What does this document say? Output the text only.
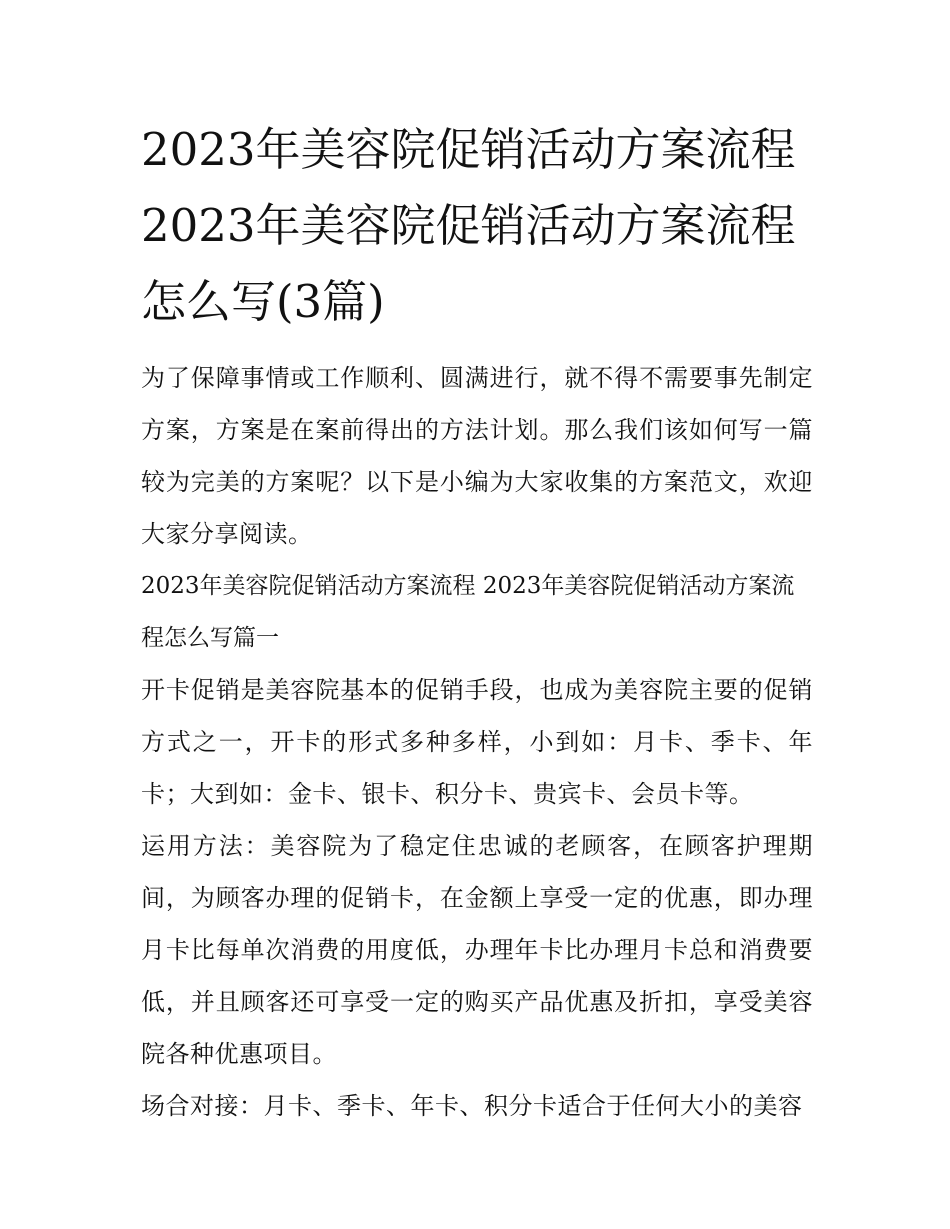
2023年美容院促销活动方案流程 2023年美容院促销活动方案流程怎么写(3篇)

为了保障事情或工作顺利、圆满进行，就不得不需要事先制定方案，方案是在案前得出的方法计划。那么我们该如何写一篇较为完美的方案呢？以下是小编为大家收集的方案范文，欢迎大家分享阅读。

2023年美容院促销活动方案流程 2023年美容院促销活动方案流程怎么写篇一

开卡促销是美容院基本的促销手段，也成为美容院主要的促销方式之一，开卡的形式多种多样，小到如：月卡、季卡、年卡；大到如：金卡、银卡、积分卡、贵宾卡、会员卡等。

运用方法：美容院为了稳定住忠诚的老顾客，在顾客护理期间，为顾客办理的促销卡，在金额上享受一定的优惠，即办理月卡比每单次消费的用度低，办理年卡比办理月卡总和消费要低，并且顾客还可享受一定的购买产品优惠及折扣，享受美容院各种优惠项目。

场合对接：月卡、季卡、年卡、积分卡适合于任何大小的美容
